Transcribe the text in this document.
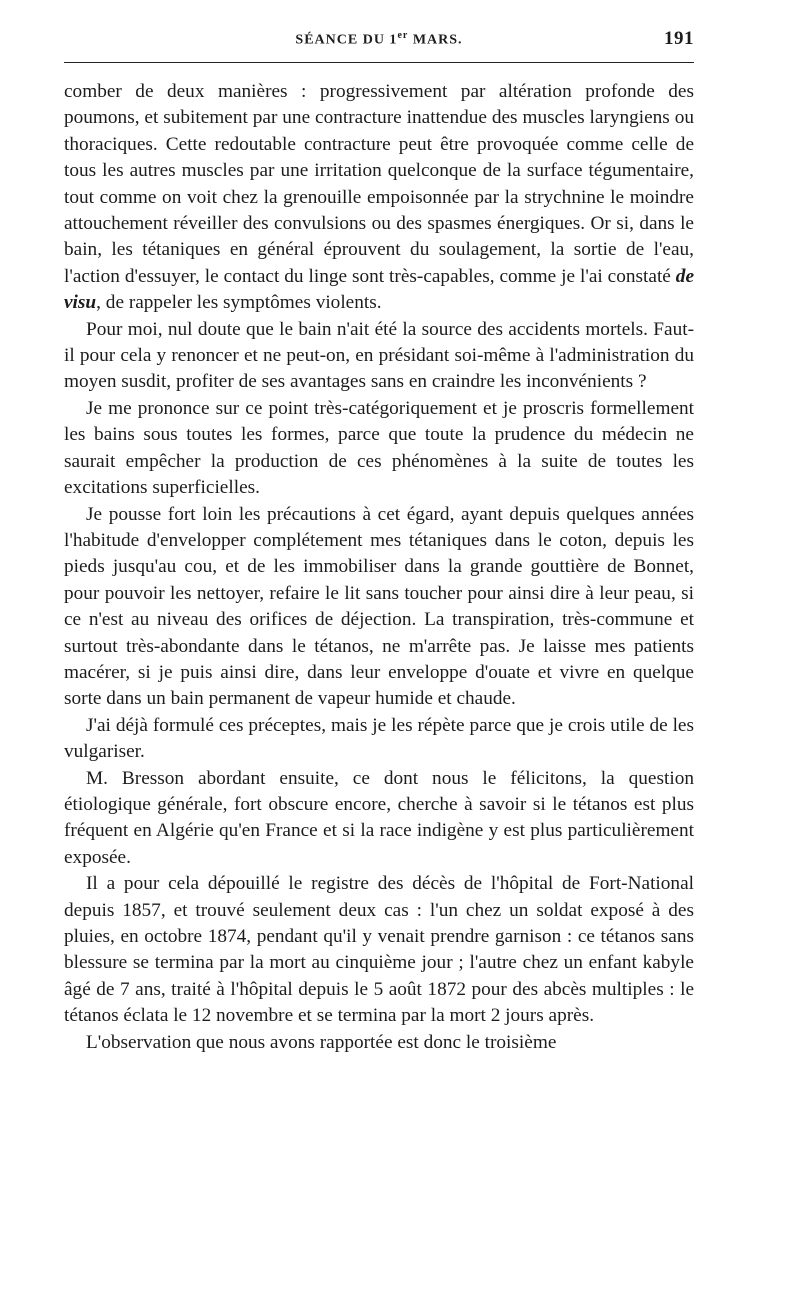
SÉANCE DU 1er MARS.	191

comber de deux manières : progressivement par altération profonde des poumons, et subitement par une contracture inattendue des muscles laryngiens ou thoraciques. Cette redoutable contracture peut être provoquée comme celle de tous les autres muscles par une irritation quelconque de la surface tégumentaire, tout comme on voit chez la grenouille empoisonnée par la strychnine le moindre attouchement réveiller des convulsions ou des spasmes énergiques. Or si, dans le bain, les tétaniques en général éprouvent du soulagement, la sortie de l'eau, l'action d'essuyer, le contact du linge sont très-capables, comme je l'ai constaté de visu, de rappeler les symptômes violents.

Pour moi, nul doute que le bain n'ait été la source des accidents mortels. Faut-il pour cela y renoncer et ne peut-on, en présidant soi-même à l'administration du moyen susdit, profiter de ses avantages sans en craindre les inconvénients ?

Je me prononce sur ce point très-catégoriquement et je proscris formellement les bains sous toutes les formes, parce que toute la prudence du médecin ne saurait empêcher la production de ces phénomènes à la suite de toutes les excitations superficielles.

Je pousse fort loin les précautions à cet égard, ayant depuis quelques années l'habitude d'envelopper complétement mes tétaniques dans le coton, depuis les pieds jusqu'au cou, et de les immobiliser dans la grande gouttière de Bonnet, pour pouvoir les nettoyer, refaire le lit sans toucher pour ainsi dire à leur peau, si ce n'est au niveau des orifices de déjection. La transpiration, très-commune et surtout très-abondante dans le tétanos, ne m'arrête pas. Je laisse mes patients macérer, si je puis ainsi dire, dans leur enveloppe d'ouate et vivre en quelque sorte dans un bain permanent de vapeur humide et chaude.

J'ai déjà formulé ces préceptes, mais je les répète parce que je crois utile de les vulgariser.

M. Bresson abordant ensuite, ce dont nous le félicitons, la question étiologique générale, fort obscure encore, cherche à savoir si le tétanos est plus fréquent en Algérie qu'en France et si la race indigène y est plus particulièrement exposée.

Il a pour cela dépouillé le registre des décès de l'hôpital de Fort-National depuis 1857, et trouvé seulement deux cas : l'un chez un soldat exposé à des pluies, en octobre 1874, pendant qu'il y venait prendre garnison : ce tétanos sans blessure se termina par la mort au cinquième jour ; l'autre chez un enfant kabyle âgé de 7 ans, traité à l'hôpital depuis le 5 août 1872 pour des abcès multiples : le tétanos éclata le 12 novembre et se termina par la mort 2 jours après.

L'observation que nous avons rapportée est donc le troisième
